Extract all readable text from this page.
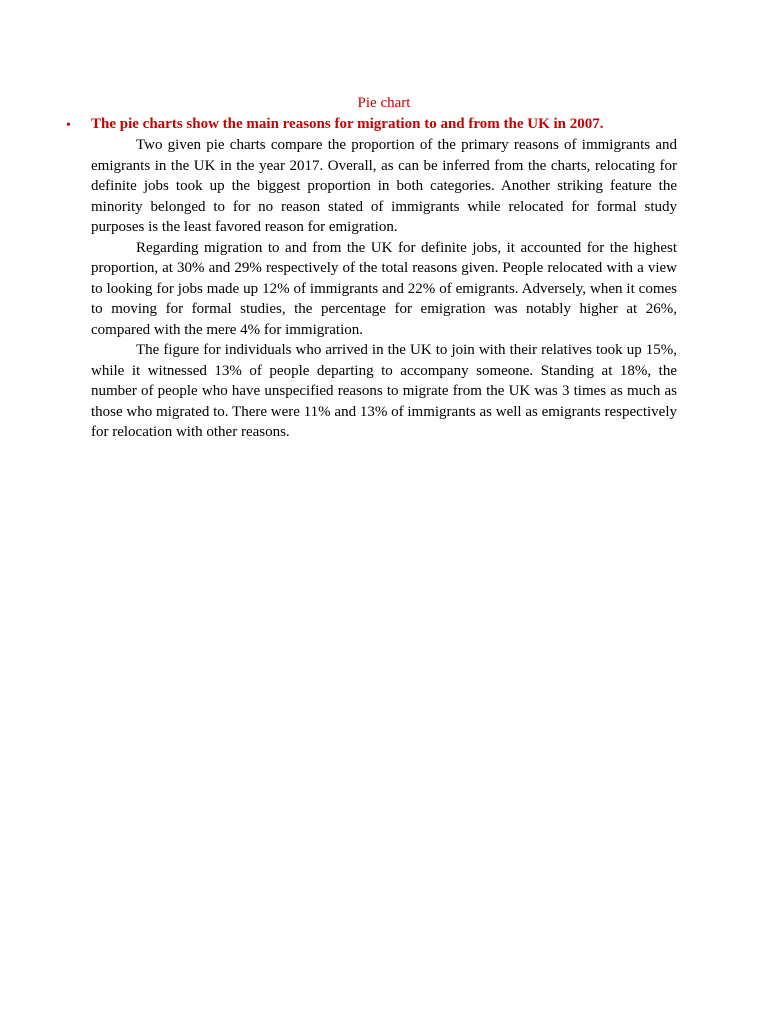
Pie chart
• The pie charts show the main reasons for migration to and from the UK in 2007.

Two given pie charts compare the proportion of the primary reasons of immigrants and emigrants in the UK in the year 2017. Overall, as can be inferred from the charts, relocating for definite jobs took up the biggest proportion in both categories. Another striking feature the minority belonged to for no reason stated of immigrants while relocated for formal study purposes is the least favored reason for emigration.

Regarding migration to and from the UK for definite jobs, it accounted for the highest proportion, at 30% and 29% respectively of the total reasons given. People relocated with a view to looking for jobs made up 12% of immigrants and 22% of emigrants. Adversely, when it comes to moving for formal studies, the percentage for emigration was notably higher at 26%, compared with the mere 4% for immigration.

The figure for individuals who arrived in the UK to join with their relatives took up 15%, while it witnessed 13% of people departing to accompany someone. Standing at 18%, the number of people who have unspecified reasons to migrate from the UK was 3 times as much as those who migrated to. There were 11% and 13% of immigrants as well as emigrants respectively for relocation with other reasons.
